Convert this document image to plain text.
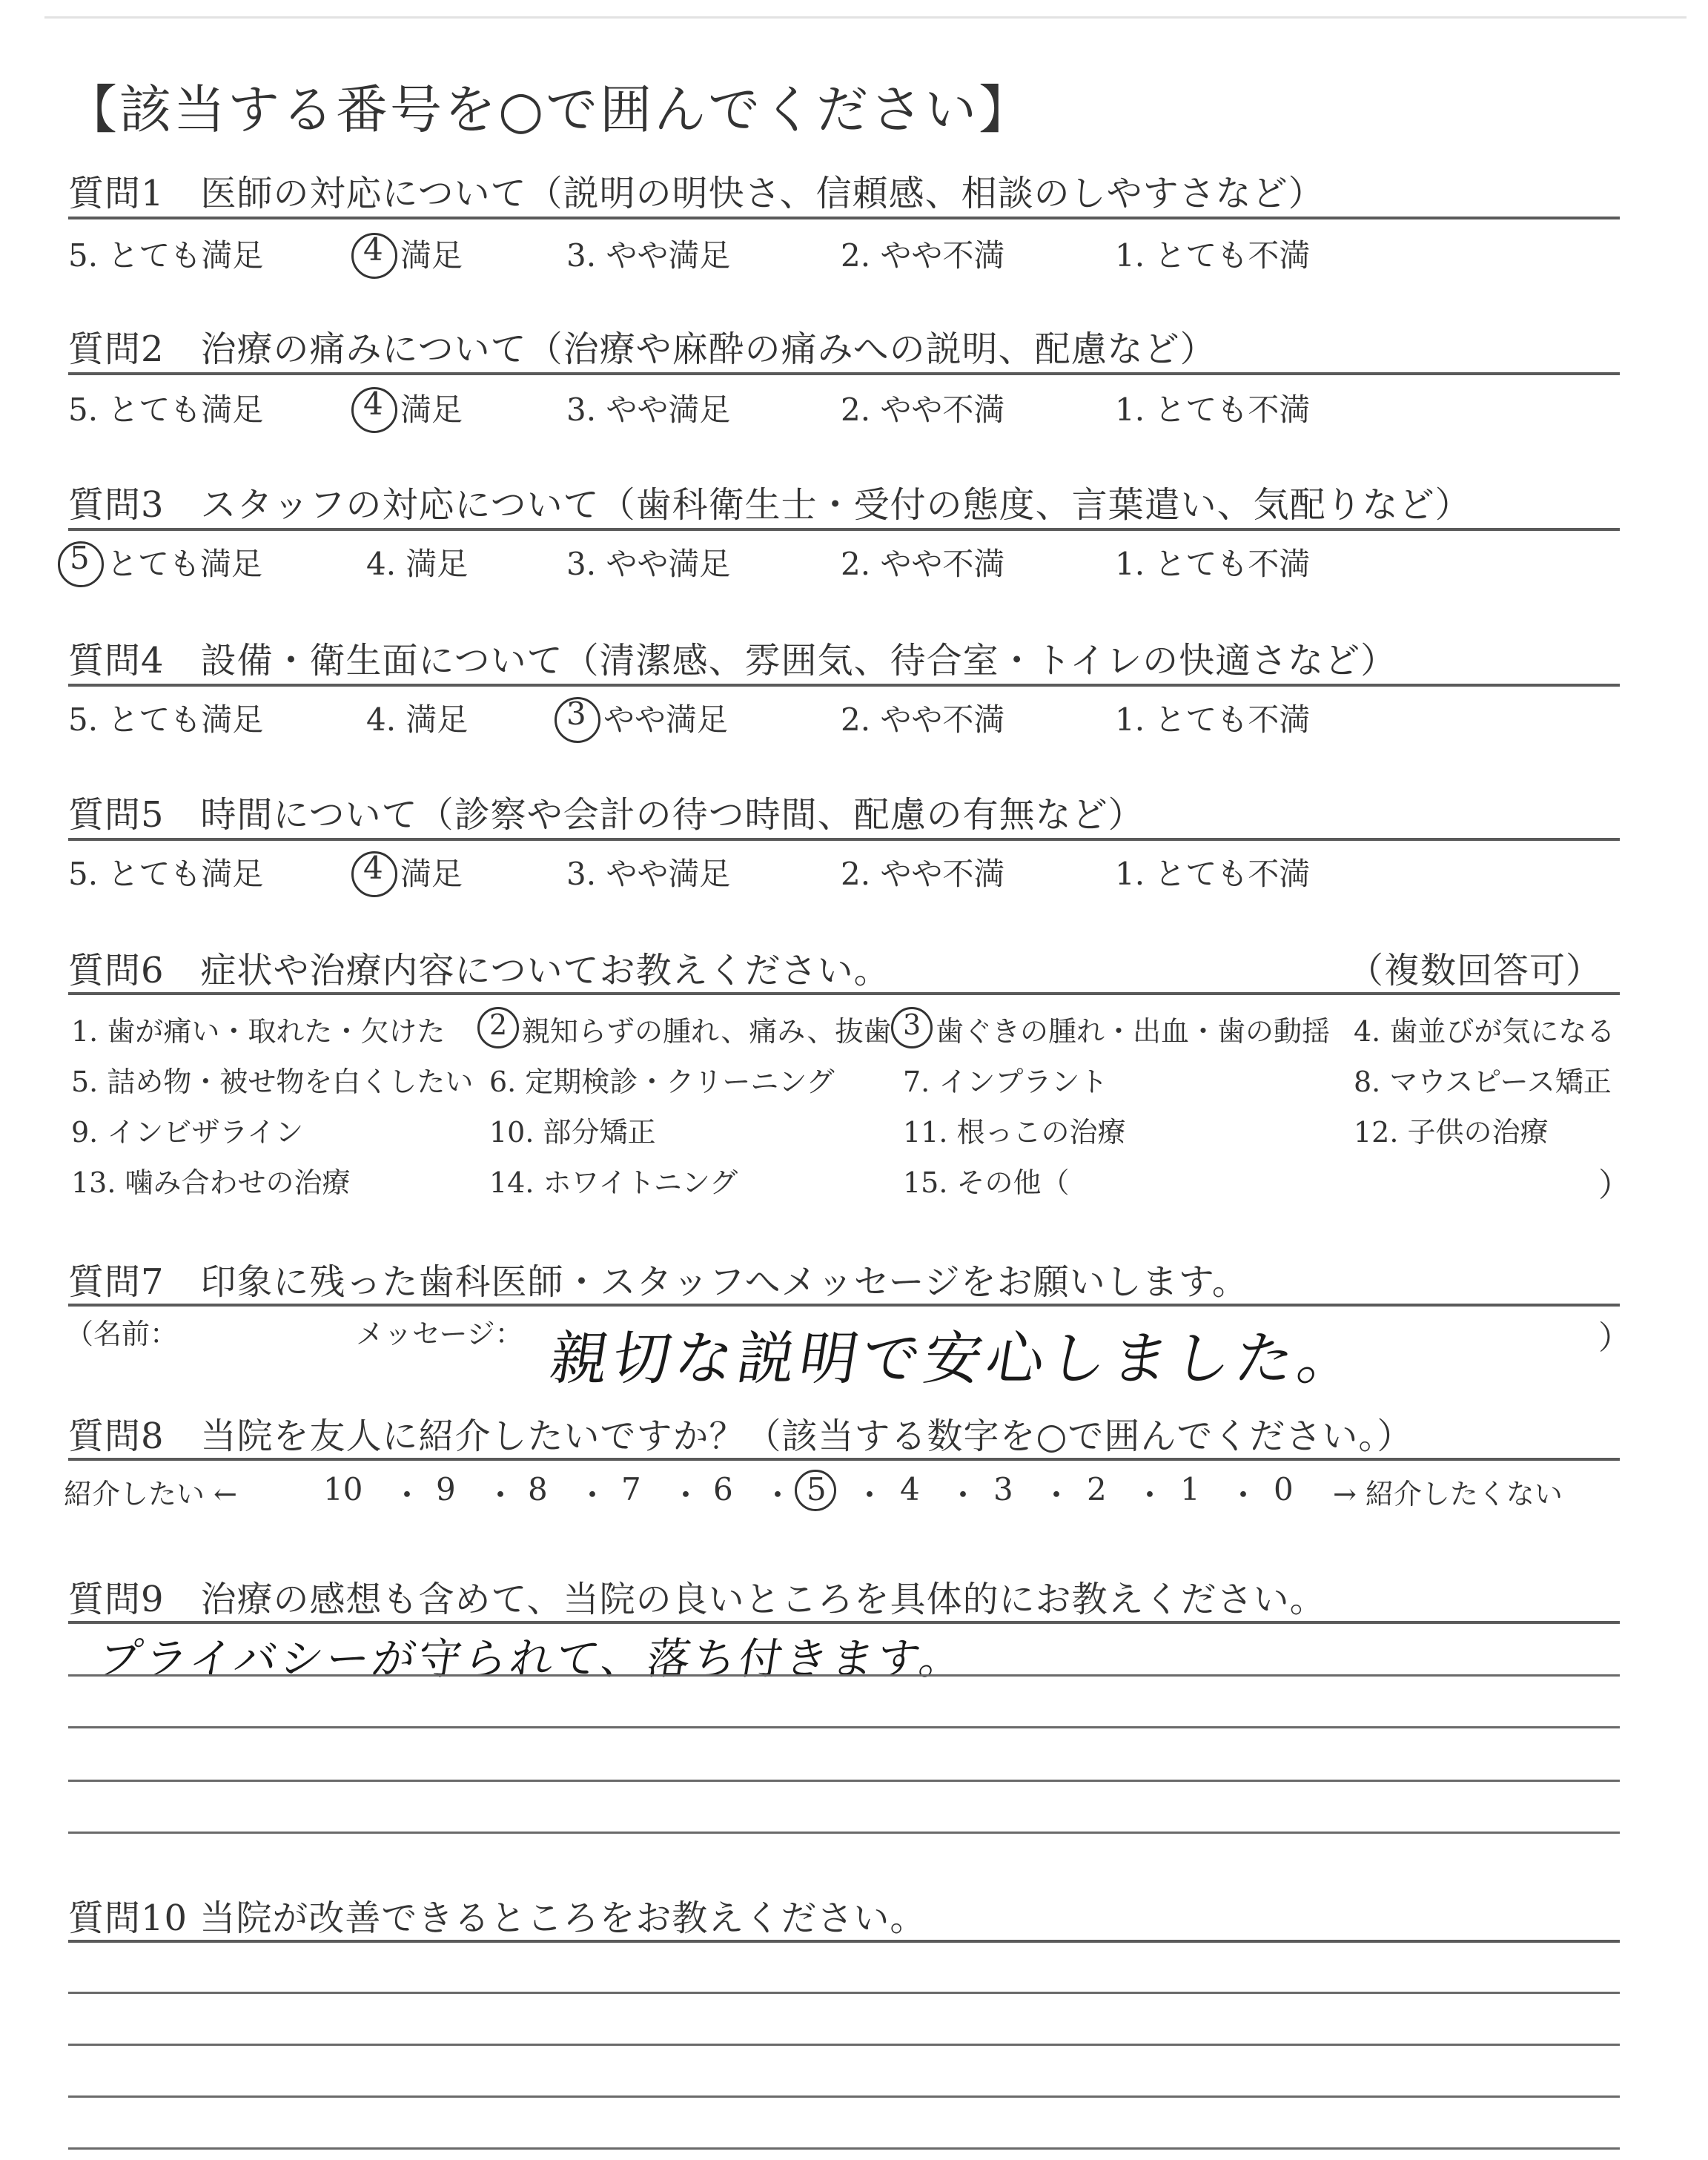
【該当する番号を○で囲んでください】
質問1　医師の対応について（説明の明快さ、信頼感、相談のしやすさなど）
5. とても満足	4 満足	3. やや満足	2. やや不満	1. とても不満
質問2　治療の痛みについて（治療や麻酔の痛みへの説明、配慮など）
5. とても満足	4 満足	3. やや満足	2. やや不満	1. とても不満
質問3　スタッフの対応について（歯科衛生士・受付の態度、言葉遣い、気配りなど）
5 とても満足	4. 満足	3. やや満足	2. やや不満	1. とても不満
質問4　設備・衛生面について（清潔感、雰囲気、待合室・トイレの快適さなど）
5. とても満足	4. 満足	3 やや満足	2. やや不満	1. とても不満
質問5　時間について（診察や会計の待つ時間、配慮の有無など）
5. とても満足	4 満足	3. やや満足	2. やや不満	1. とても不満
質問6　症状や治療内容についてお教えください。	（複数回答可）
1. 歯が痛い・取れた・欠けた 2 親知らずの腫れ、痛み、抜歯 3 歯ぐきの腫れ・出血・歯の動揺 4. 歯並びが気になる
5. 詰め物・被せ物を白くしたい 6. 定期検診・クリーニング 7. インプラント	8. マウスピース矯正
9. インビザライン	10. 部分矯正	11. 根っこの治療	12. 子供の治療
13. 噛み合わせの治療	14. ホワイトニング	15. その他（	）
質問7　印象に残った歯科医師・スタッフへメッセージをお願いします。
（名前：	メッセージ： 親切な説明で安心しました。	）
質問8　当院を友人に紹介したいですか？（該当する数字を○で囲んでください。）
紹介したい ←	10 ・ 9 ・ 8 ・ 7 ・ 6 ・ 5 ・ 4 ・ 3 ・ 2 ・ 1 ・ 0 → 紹介したくない
質問9　治療の感想も含めて、当院の良いところを具体的にお教えください。
プライバシーが守られて、落ち付きます。
質問10 当院が改善できるところをお教えください。
